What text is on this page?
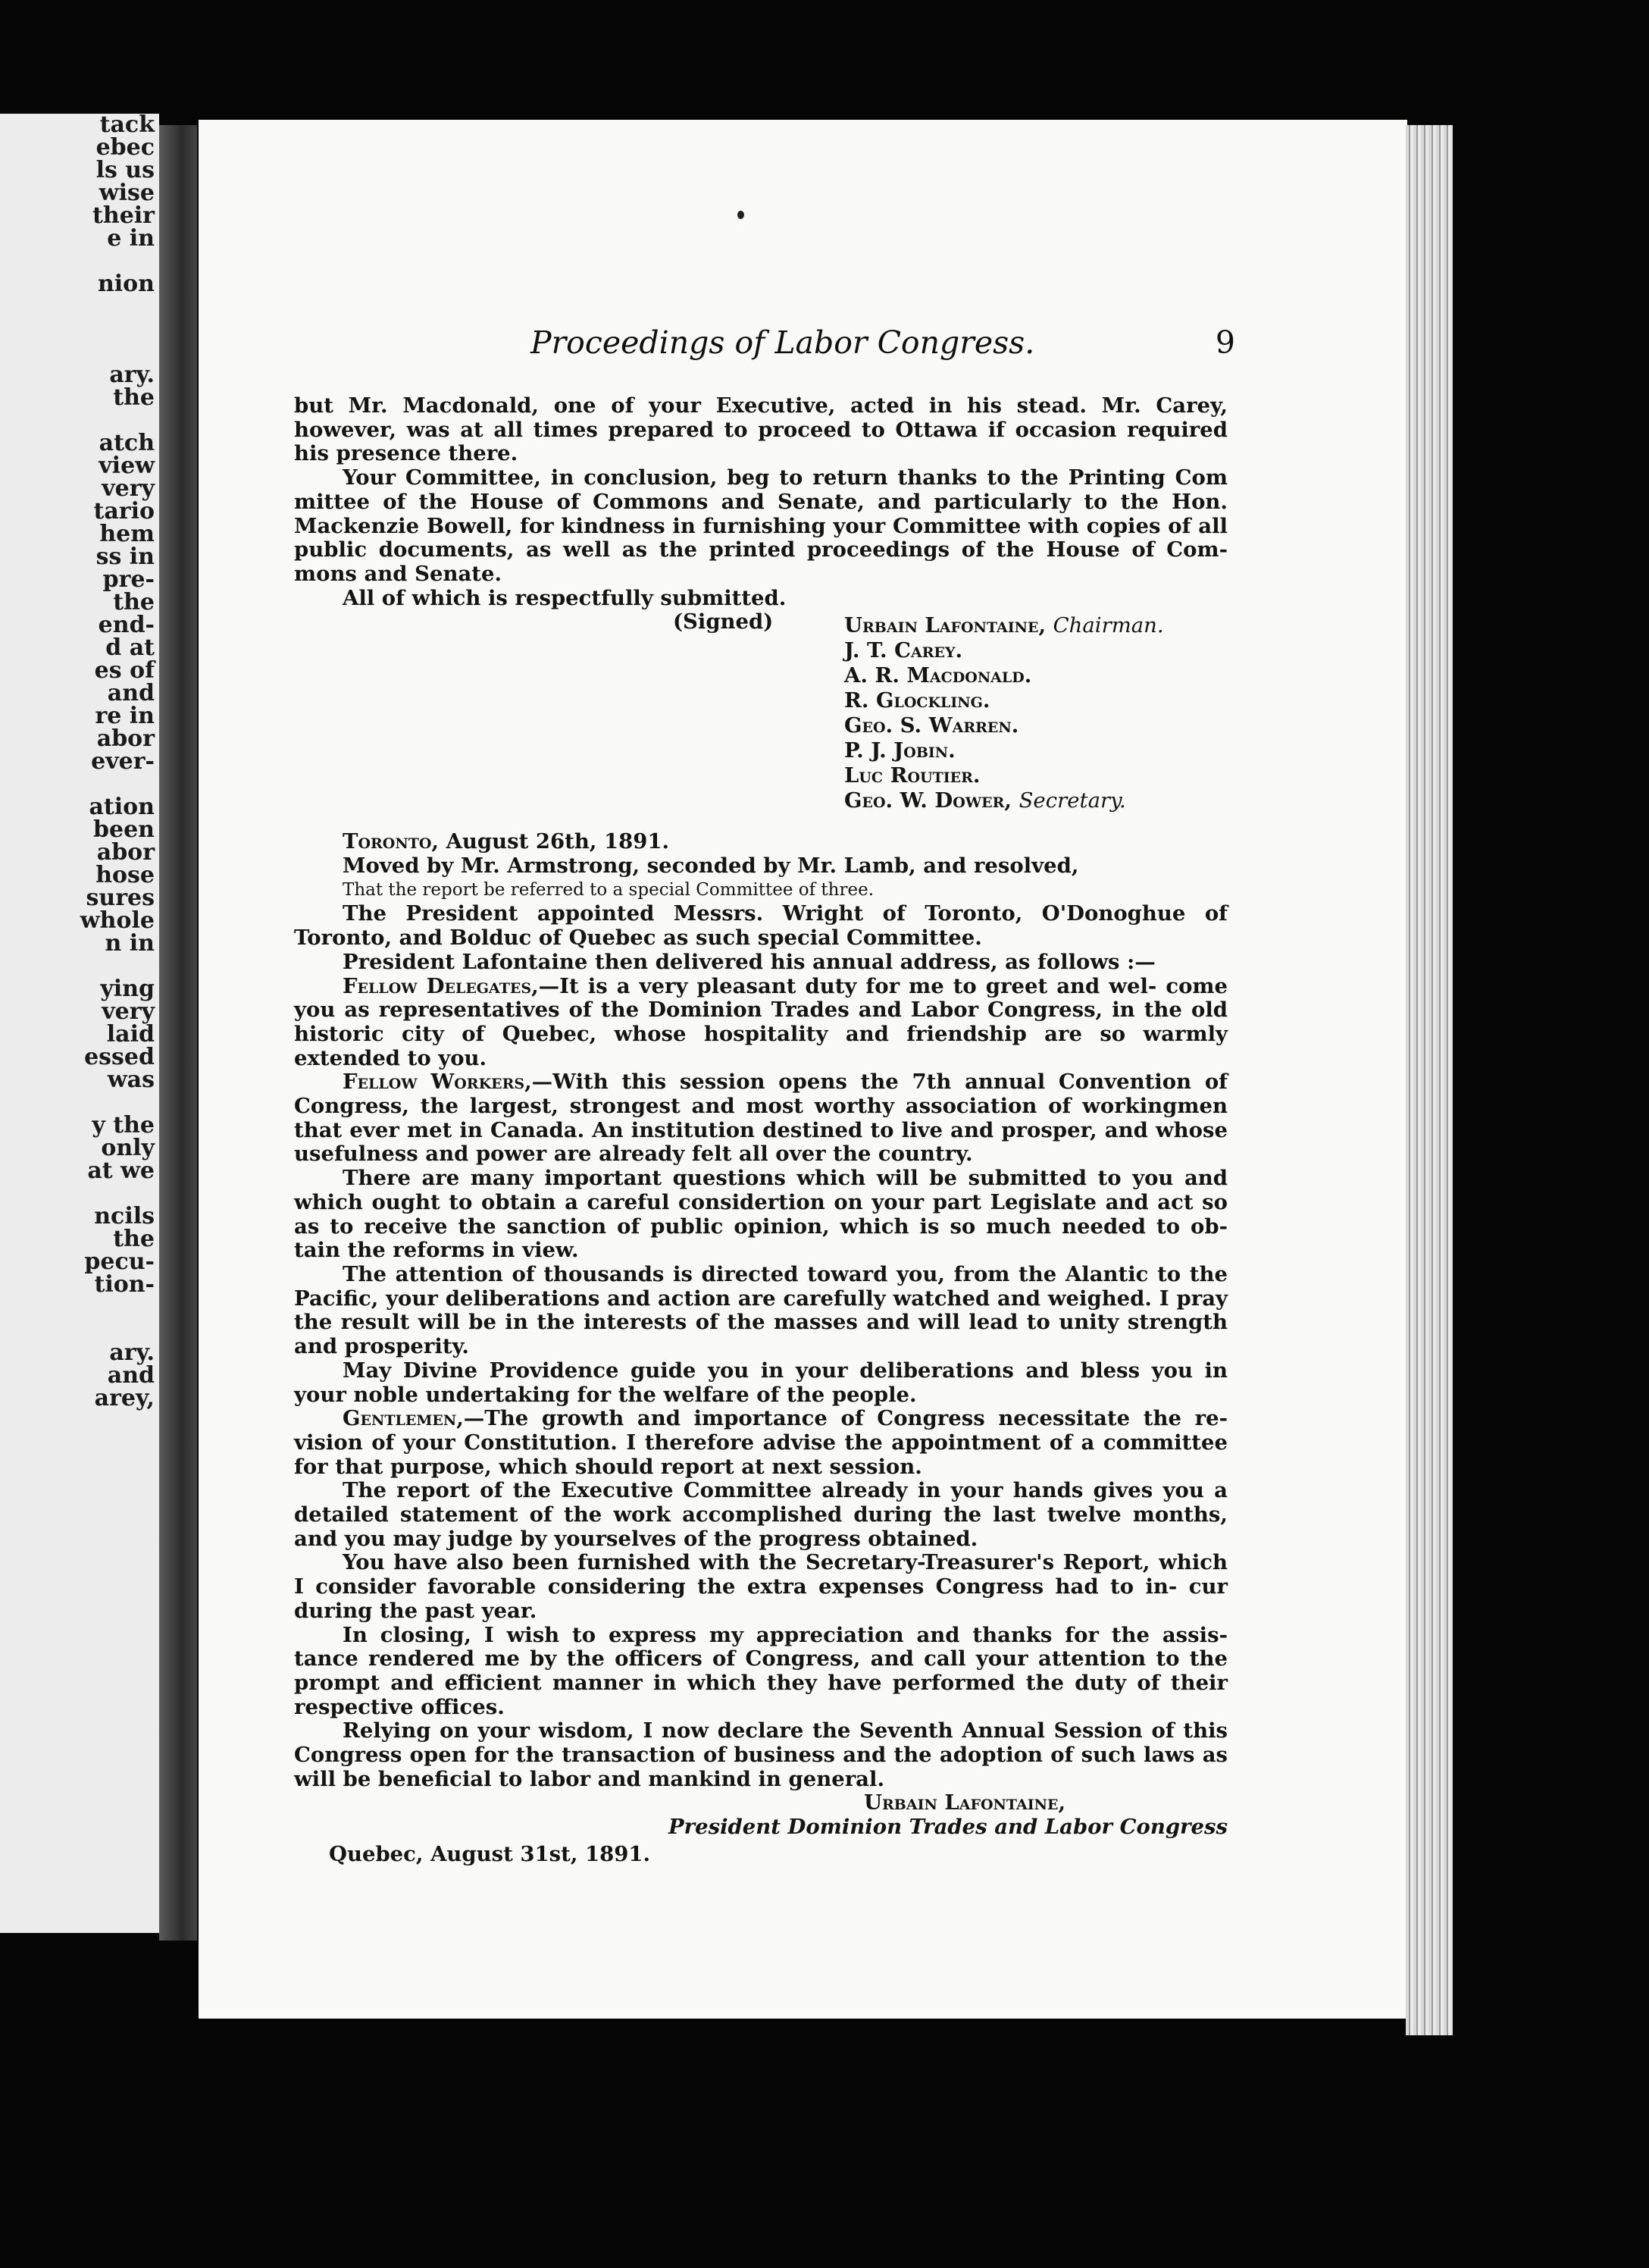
tack
ebec
ls us
wise
their
e in
nion
ary.
the
atch
view
very
tario
hem
ss in
pre-
the
end-
d at
es of
and
re in
abor
ever-
ation
been
abor
hose
sures
whole
n in
ying
very
laid
essed
was
y the
only
at we
ncils
the
pecu-
tion-
ary.
and
arey,
Proceedings of Labor Congress.	9

but Mr. Macdonald, one of your Executive, acted in his stead. Mr. Carey, however, was at all times prepared to proceed to Ottawa if occasion required his presence there.

Your Committee, in conclusion, beg to return thanks to the Printing Com mittee of the House of Commons and Senate, and particularly to the Hon. Mackenzie Bowell, for kindness in furnishing your Committee with copies of all public documents, as well as the printed proceedings of the House of Com- mons and Senate.

All of which is respectfully submitted.

(Signed)	Urbain Lafontaine, Chairman.
J. T. Carey.
A. R. Macdonald.
R. Glockling.
Geo. S. Warren.
P. J. Jobin.
Luc Routier.
Geo. W. Dower, Secretary.

Toronto, August 26th, 1891.

Moved by Mr. Armstrong, seconded by Mr. Lamb, and resolved,

That the report be referred to a special Committee of three.

The President appointed Messrs. Wright of Toronto, O'Donoghue of Toronto, and Bolduc of Quebec as such special Committee.

President Lafontaine then delivered his annual address, as follows :—

Fellow Delegates,—It is a very pleasant duty for me to greet and wel- come you as representatives of the Dominion Trades and Labor Congress, in the old historic city of Quebec, whose hospitality and friendship are so warmly extended to you.

Fellow Workers,—With this session opens the 7th annual Convention of Congress, the largest, strongest and most worthy association of workingmen that ever met in Canada. An institution destined to live and prosper, and whose usefulness and power are already felt all over the country.

There are many important questions which will be submitted to you and which ought to obtain a careful considertion on your part Legislate and act so as to receive the sanction of public opinion, which is so much needed to ob- tain the reforms in view.

The attention of thousands is directed toward you, from the Alantic to the Pacific, your deliberations and action are carefully watched and weighed. I pray the result will be in the interests of the masses and will lead to unity strength and prosperity.

May Divine Providence guide you in your deliberations and bless you in your noble undertaking for the welfare of the people.

Gentlemen,—The growth and importance of Congress necessitate the re- vision of your Constitution. I therefore advise the appointment of a committee for that purpose, which should report at next session.

The report of the Executive Committee already in your hands gives you a detailed statement of the work accomplished during the last twelve months, and you may judge by yourselves of the progress obtained.

You have also been furnished with the Secretary-Treasurer's Report, which I consider favorable considering the extra expenses Congress had to in- cur during the past year.

In closing, I wish to express my appreciation and thanks for the assis- tance rendered me by the officers of Congress, and call your attention to the prompt and efficient manner in which they have performed the duty of their respective offices.

Relying on your wisdom, I now declare the Seventh Annual Session of this Congress open for the transaction of business and the adoption of such laws as will be beneficial to labor and mankind in general.

Urbain Lafontaine,
President Dominion Trades and Labor Congress
Quebec, August 31st, 1891.
